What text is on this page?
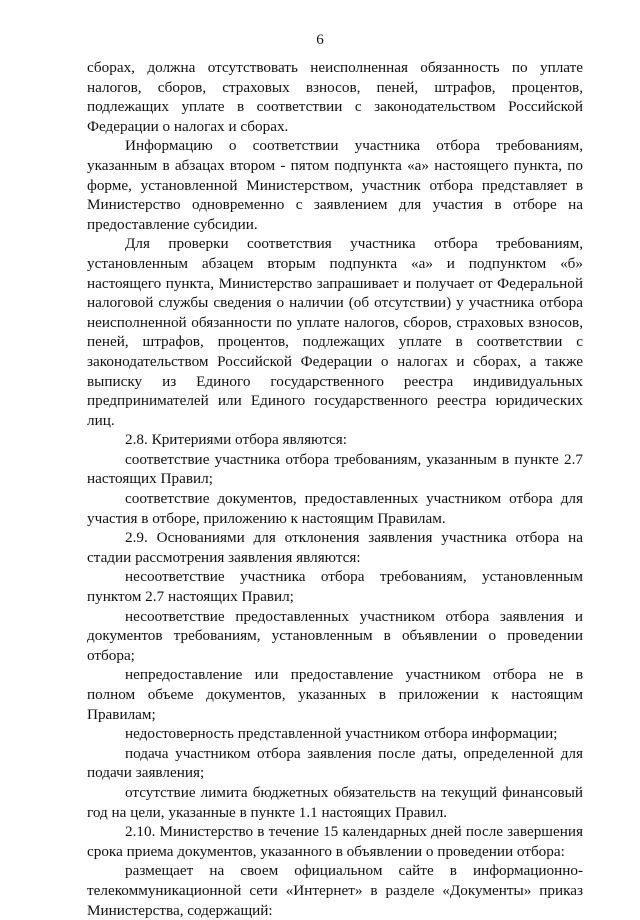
6

сборах, должна отсутствовать неисполненная обязанность по уплате налогов, сборов, страховых взносов, пеней, штрафов, процентов, подлежащих уплате в соответствии с законодательством Российской Федерации о налогах и сборах.

Информацию о соответствии участника отбора требованиям, указанным в абзацах втором - пятом подпункта «а» настоящего пункта, по форме, установленной Министерством, участник отбора представляет в Министерство одновременно с заявлением для участия в отборе на предоставление субсидии.

Для проверки соответствия участника отбора требованиям, установленным абзацем вторым подпункта «а» и подпунктом «б» настоящего пункта, Министерство запрашивает и получает от Федеральной налоговой службы сведения о наличии (об отсутствии) у участника отбора неисполненной обязанности по уплате налогов, сборов, страховых взносов, пеней, штрафов, процентов, подлежащих уплате в соответствии с законодательством Российской Федерации о налогах и сборах, а также выписку из Единого государственного реестра индивидуальных предпринимателей или Единого государственного реестра юридических лиц.

2.8. Критериями отбора являются:

соответствие участника отбора требованиям, указанным в пункте 2.7 настоящих Правил;

соответствие документов, предоставленных участником отбора для участия в отборе, приложению к настоящим Правилам.

2.9. Основаниями для отклонения заявления участника отбора на стадии рассмотрения заявления являются:

несоответствие участника отбора требованиям, установленным пунктом 2.7 настоящих Правил;

несоответствие предоставленных участником отбора заявления и документов требованиям, установленным в объявлении о проведении отбора;

непредоставление или предоставление участником отбора не в полном объеме документов, указанных в приложении к настоящим Правилам;

недостоверность представленной участником отбора информации;

подача участником отбора заявления после даты, определенной для подачи заявления;

отсутствие лимита бюджетных обязательств на текущий финансовый год на цели, указанные в пункте 1.1 настоящих Правил.

2.10. Министерство в течение 15 календарных дней после завершения срока приема документов, указанного в объявлении о проведении отбора:

размещает на своем официальном сайте в информационно-телекоммуникационной сети «Интернет» в разделе «Документы» приказ Министерства, содержащий:
